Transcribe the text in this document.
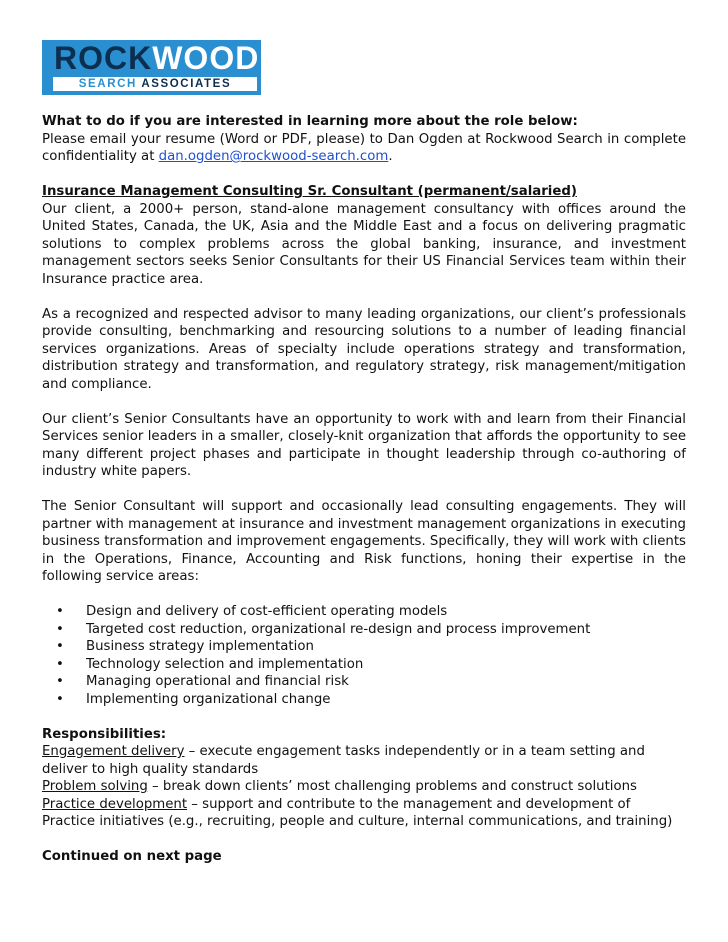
ROCKWOOD
SEARCH ASSOCIATES

What to do if you are interested in learning more about the role below:

Please email your resume (Word or PDF, please) to Dan Ogden at Rockwood Search in complete confidentiality at dan.ogden@rockwood-search.com.

Insurance Management Consulting Sr. Consultant (permanent/salaried)

Our client, a 2000+ person, stand-alone management consultancy with offices around the United States, Canada, the UK, Asia and the Middle East and a focus on delivering pragmatic solutions to complex problems across the global banking, insurance, and investment management sectors seeks Senior Consultants for their US Financial Services team within their Insurance practice area.

As a recognized and respected advisor to many leading organizations, our client’s professionals provide consulting, benchmarking and resourcing solutions to a number of leading financial services organizations. Areas of specialty include operations strategy and transformation, distribution strategy and transformation, and regulatory strategy, risk management/mitigation and compliance.

Our client’s Senior Consultants have an opportunity to work with and learn from their Financial Services senior leaders in a smaller, closely-knit organization that affords the opportunity to see many different project phases and participate in thought leadership through co-authoring of industry white papers.

The Senior Consultant will support and occasionally lead consulting engagements. They will partner with management at insurance and investment management organizations in executing business transformation and improvement engagements. Specifically, they will work with clients in the Operations, Finance, Accounting and Risk functions, honing their expertise in the following service areas:

• Design and delivery of cost-efficient operating models
• Targeted cost reduction, organizational re-design and process improvement
• Business strategy implementation
• Technology selection and implementation
• Managing operational and financial risk
• Implementing organizational change

Responsibilities:

Engagement delivery – execute engagement tasks independently or in a team setting and deliver to high quality standards

Problem solving – break down clients’ most challenging problems and construct solutions

Practice development – support and contribute to the management and development of Practice initiatives (e.g., recruiting, people and culture, internal communications, and training)

Continued on next page
